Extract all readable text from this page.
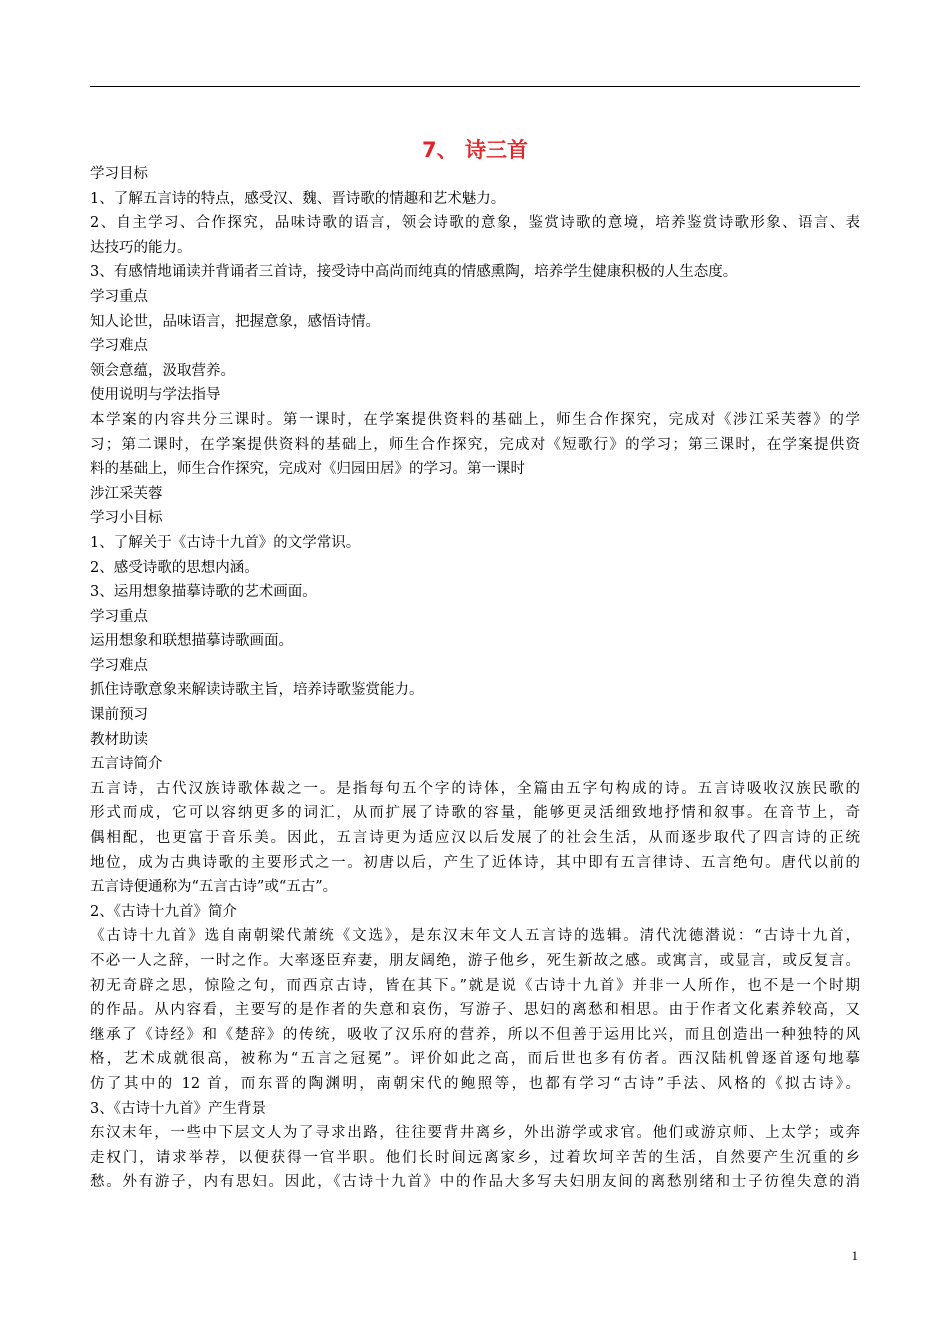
7、 诗三首
学习目标
1、了解五言诗的特点，感受汉、魏、晋诗歌的情趣和艺术魅力。
2、自主学习、合作探究，品味诗歌的语言，领会诗歌的意象，鉴赏诗歌的意境，培养鉴赏诗歌形象、语言、表
达技巧的能力。
3、有感情地诵读并背诵者三首诗，接受诗中高尚而纯真的情感熏陶，培养学生健康积极的人生态度。
学习重点
知人论世，品味语言，把握意象，感悟诗情。
学习难点
领会意蕴，汲取营养。
使用说明与学法指导
本学案的内容共分三课时。第一课时，在学案提供资料的基础上，师生合作探究，完成对《涉江采芙蓉》的学
习；第二课时，在学案提供资料的基础上，师生合作探究，完成对《短歌行》的学习；第三课时，在学案提供资
料的基础上，师生合作探究，完成对《归园田居》的学习。第一课时
涉江采芙蓉
学习小目标
1、了解关于《古诗十九首》的文学常识。
2、感受诗歌的思想内涵。
3、运用想象描摹诗歌的艺术画面。
学习重点
运用想象和联想描摹诗歌画面。
学习难点
抓住诗歌意象来解读诗歌主旨，培养诗歌鉴赏能力。
课前预习
教材助读
五言诗简介
五言诗，古代汉族诗歌体裁之一。是指每句五个字的诗体，全篇由五字句构成的诗。五言诗吸收汉族民歌的
形式而成，它可以容纳更多的词汇，从而扩展了诗歌的容量，能够更灵活细致地抒情和叙事。在音节上，奇
偶相配，也更富于音乐美。因此，五言诗更为适应汉以后发展了的社会生活，从而逐步取代了四言诗的正统
地位，成为古典诗歌的主要形式之一。初唐以后，产生了近体诗，其中即有五言律诗、五言绝句。唐代以前的
五言诗便通称为“五言古诗”或“五古”。
2、《古诗十九首》简介
《古诗十九首》选自南朝梁代萧统《文选》，是东汉末年文人五言诗的选辑。清代沈德潜说：“古诗十九首，
不必一人之辞，一时之作。大率逐臣弃妻，朋友阔绝，游子他乡，死生新故之感。或寓言，或显言，或反复言。
初无奇辟之思，惊险之句，而西京古诗，皆在其下。”就是说《古诗十九首》并非一人所作，也不是一个时期
的作品。从内容看，主要写的是作者的失意和哀伤，写游子、思妇的离愁和相思。由于作者文化素养较高，又
继承了《诗经》和《楚辞》的传统，吸收了汉乐府的营养，所以不但善于运用比兴，而且创造出一种独特的风
格，艺术成就很高，被称为“五言之冠冕”。评价如此之高，而后世也多有仿者。西汉陆机曾逐首逐句地摹
仿了其中的 12 首，而东晋的陶渊明，南朝宋代的鲍照等，也都有学习“古诗”手法、风格的《拟古诗》。
3、《古诗十九首》产生背景
东汉末年，一些中下层文人为了寻求出路，往往要背井离乡，外出游学或求官。他们或游京师、上太学；或奔
走权门，请求举荐，以便获得一官半职。他们长时间远离家乡，过着坎坷辛苦的生活，自然要产生沉重的乡
愁。外有游子，内有思妇。因此，《古诗十九首》中的作品大多写夫妇朋友间的离愁别绪和士子彷徨失意的消
1
